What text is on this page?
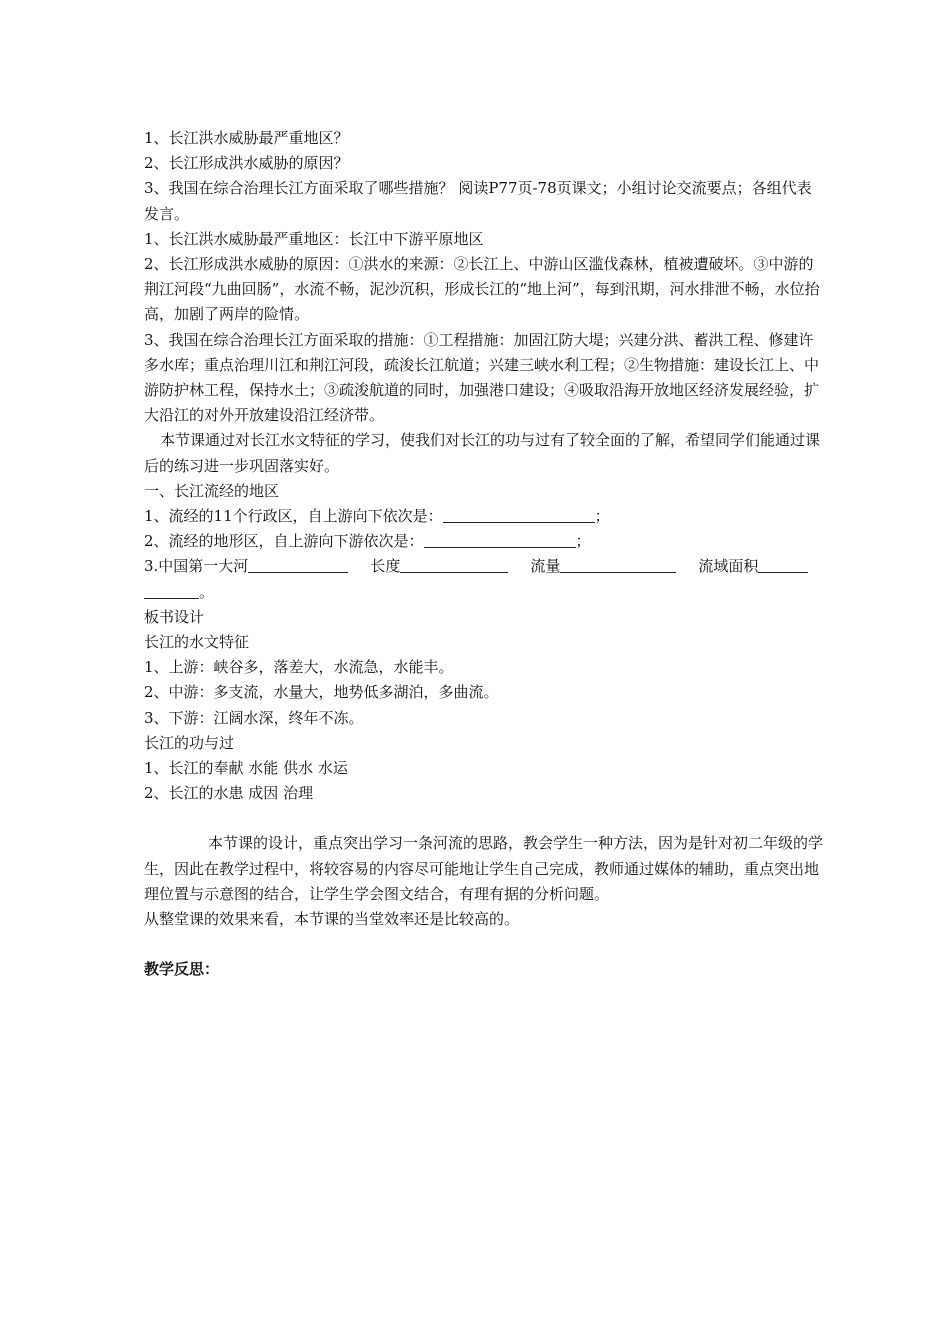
1、长江洪水威胁最严重地区？

2、长江形成洪水威胁的原因？

3、我国在综合治理长江方面采取了哪些措施？ 阅读P77页-78页课文；小组讨论交流要点；各组代表发言。

1、长江洪水威胁最严重地区：长江中下游平原地区

2、长江形成洪水威胁的原因：①洪水的来源：②长江上、中游山区滥伐森林，植被遭破坏。③中游的荆江河段“九曲回肠”，水流不畅，泥沙沉积，形成长江的“地上河”，每到汛期，河水排泄不畅，水位抬高，加剧了两岸的险情。

3、我国在综合治理长江方面采取的措施：①工程措施：加固江防大堤；兴建分洪、蓄洪工程、修建许多水库；重点治理川江和荆江河段，疏浚长江航道；兴建三峡水利工程；②生物措施：建设长江上、中游防护林工程，保持水土；③疏浚航道的同时，加强港口建设；④吸取沿海开放地区经济发展经验，扩大沿江的对外开放建设沿江经济带。

本节课通过对长江水文特征的学习，使我们对长江的功与过有了较全面的了解，希望同学们能通过课后的练习进一步巩固落实好。

一、长江流经的地区

1、流经的11个行政区，自上游向下依次是：	；

2、流经的地形区，自上游向下游依次是：	；

3.中国第一大河	长度	流量	流域面积

。

板书设计

长江的水文特征

1、上游：峡谷多，落差大，水流急，水能丰。

2、中游：多支流，水量大，地势低多湖泊，多曲流。

3、下游：江阔水深，终年不冻。

长江的功与过

1、长江的奉献 水能 供水 水运

2、长江的水患 成因 治理

本节课的设计，重点突出学习一条河流的思路，教会学生一种方法，因为是针对初二年级的学生，因此在教学过程中，将较容易的内容尽可能地让学生自己完成，教师通过媒体的辅助，重点突出地理位置与示意图的结合，让学生学会图文结合，有理有据的分析问题。

从整堂课的效果来看，本节课的当堂效率还是比较高的。

教学反思：
